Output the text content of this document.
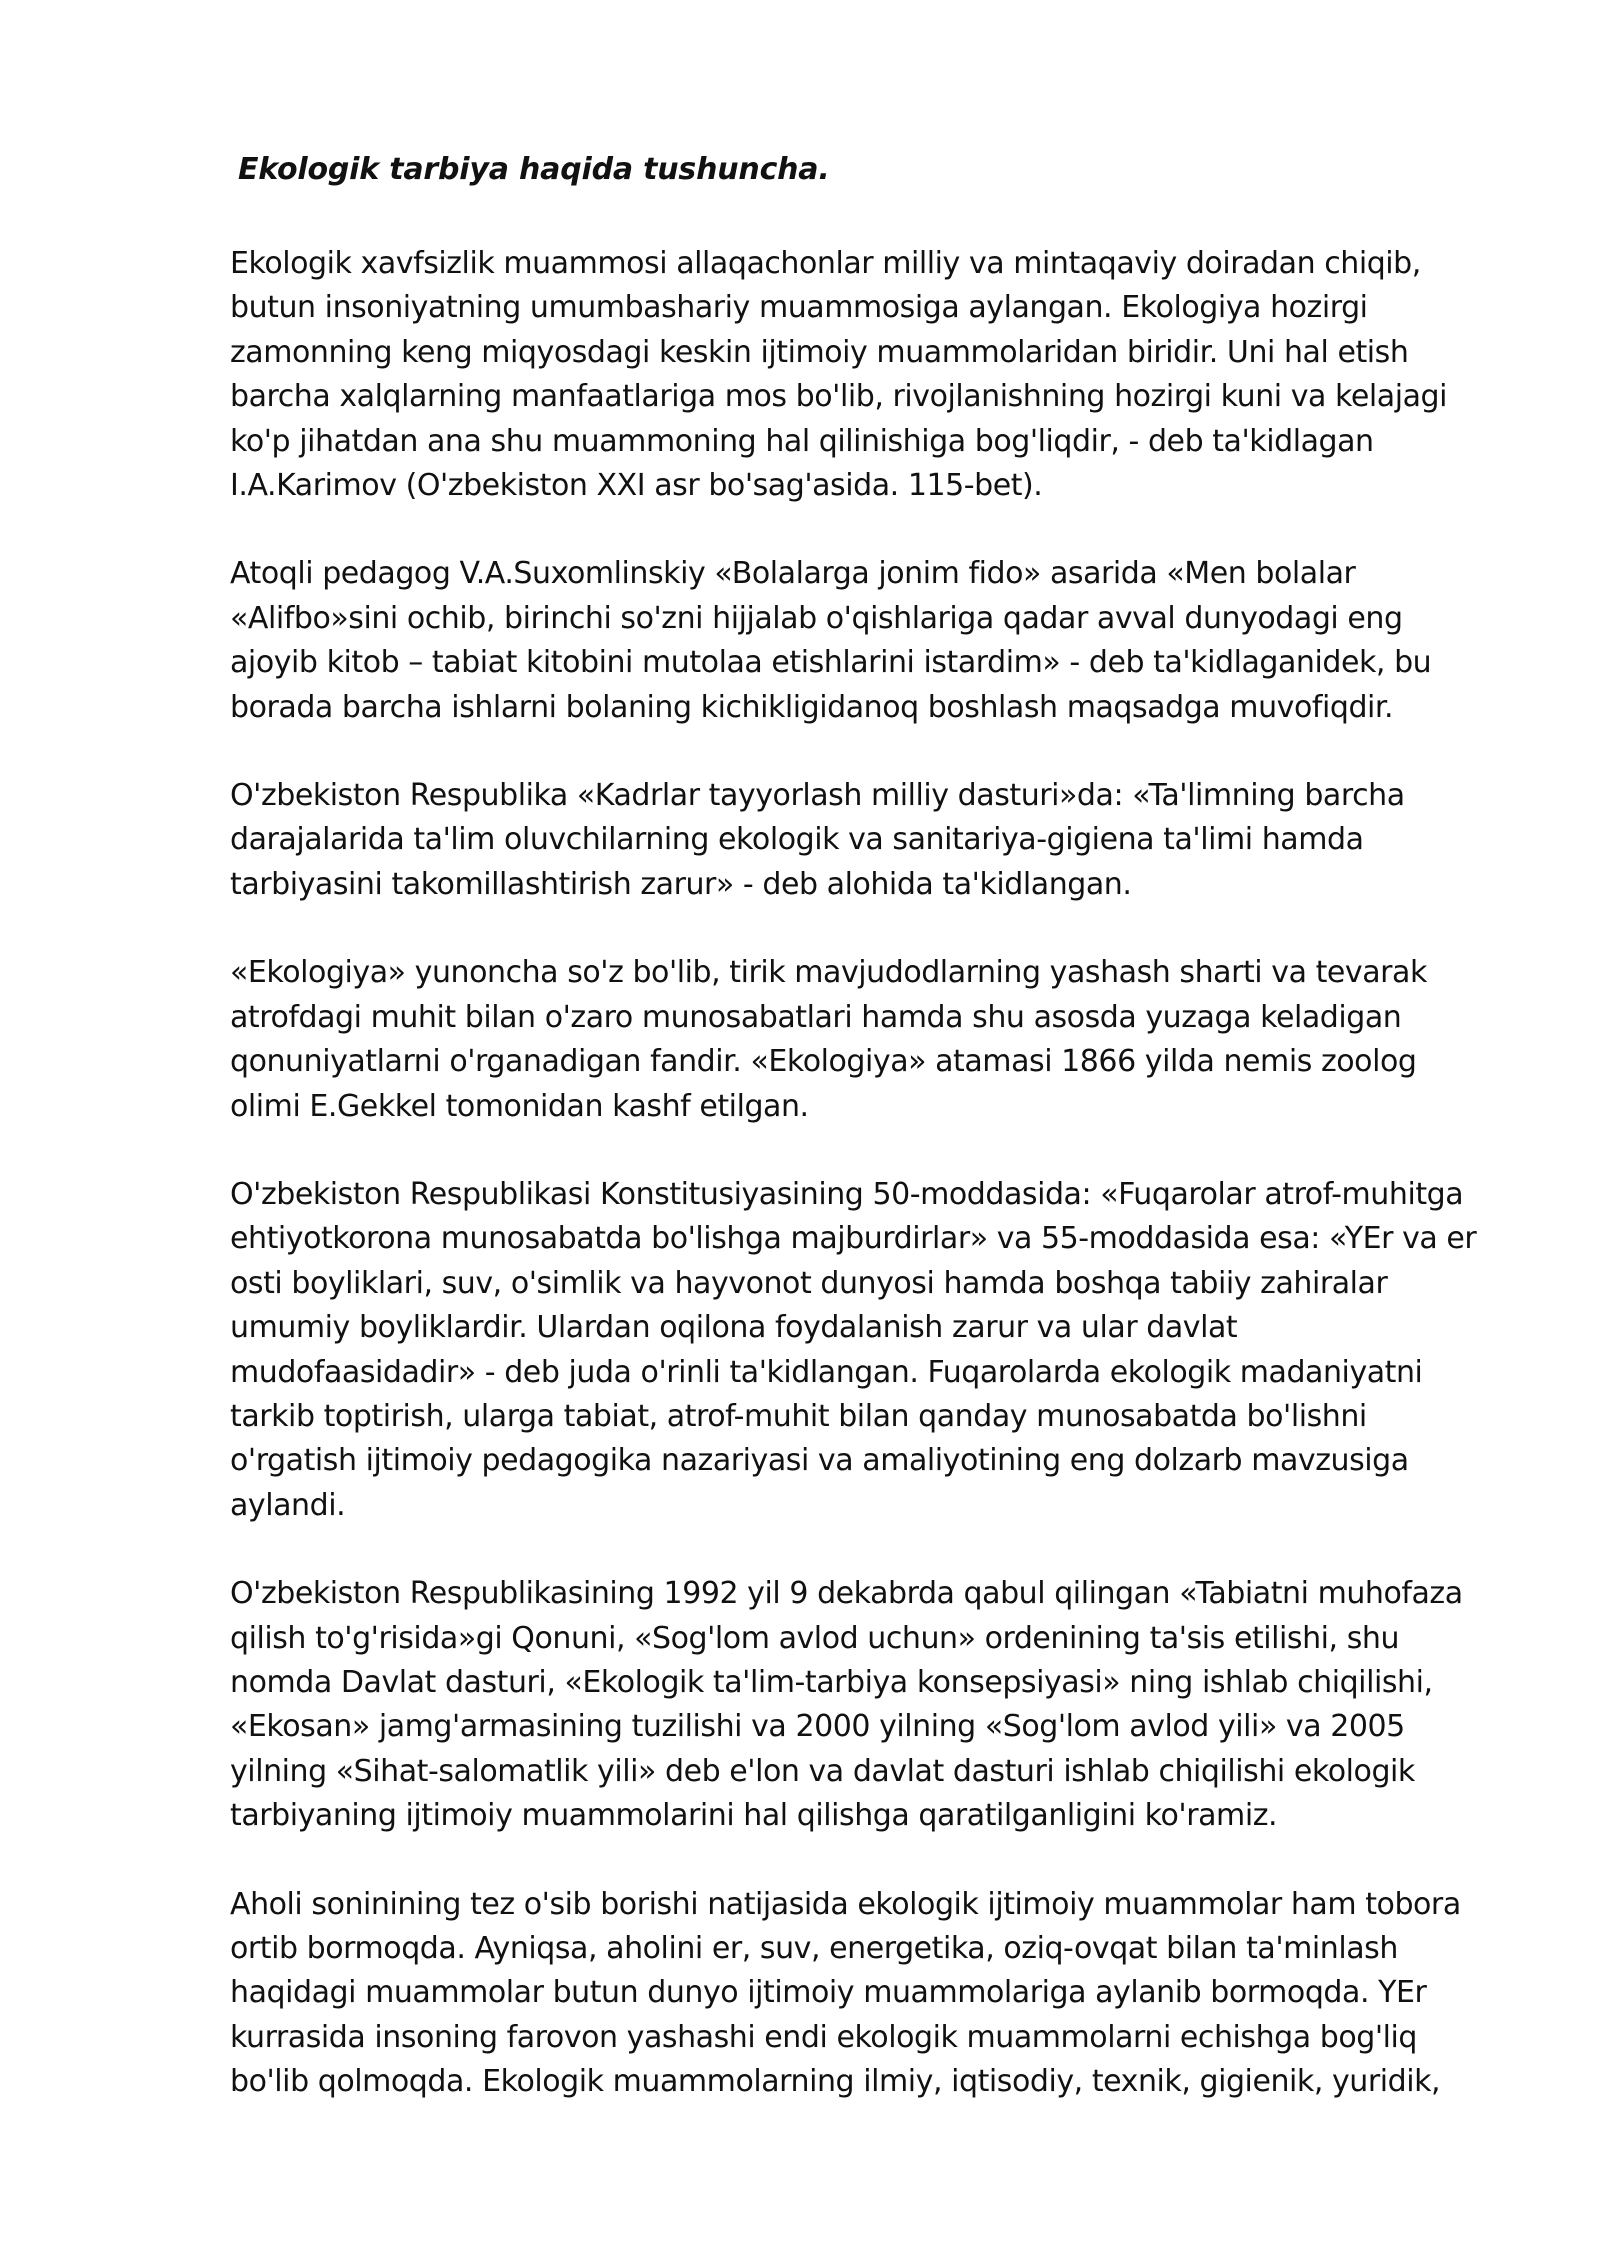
Ekologik tarbiya haqida tushuncha.

Ekologik xavfsizlik muammosi allaqachonlar milliy va mintaqaviy doiradan chiqib,
butun insoniyatning umumbashariy muammosiga aylangan. Ekologiya hozirgi
zamonning keng miqyosdagi keskin ijtimoiy muammolaridan biridir. Uni hal etish
barcha xalqlarning manfaatlariga mos bo'lib, rivojlanishning hozirgi kuni va kelajagi
ko'p jihatdan ana shu muammoning hal qilinishiga bog'liqdir, - deb ta'kidlagan
I.A.Karimov (O'zbekiston XXI asr bo'sag'asida. 115-bet).

Atoqli pedagog V.A.Suxomlinskiy «Bolalarga jonim fido» asarida «Men bolalar
«Alifbo»sini ochib, birinchi so'zni hijjalab o'qishlariga qadar avval dunyodagi eng
ajoyib kitob – tabiat kitobini mutolaa etishlarini istardim» - deb ta'kidlaganidek, bu
borada barcha ishlarni bolaning kichikligidanoq boshlash maqsadga muvofiqdir.

O'zbekiston Respublika «Kadrlar tayyorlash milliy dasturi»da: «Ta'limning barcha
darajalarida ta'lim oluvchilarning ekologik va sanitariya-gigiena ta'limi hamda
tarbiyasini takomillashtirish zarur» - deb alohida ta'kidlangan.

«Ekologiya» yunoncha so'z bo'lib, tirik mavjudodlarning yashash sharti va tevarak
atrofdagi muhit bilan o'zaro munosabatlari hamda shu asosda yuzaga keladigan
qonuniyatlarni o'rganadigan fandir. «Ekologiya» atamasi 1866 yilda nemis zoolog
olimi E.Gekkel tomonidan kashf etilgan.

O'zbekiston Respublikasi Konstitusiyasining 50-moddasida: «Fuqarolar atrof-muhitga
ehtiyotkorona munosabatda bo'lishga majburdirlar» va 55-moddasida esa: «YEr va er
osti boyliklari, suv, o'simlik va hayvonot dunyosi hamda boshqa tabiiy zahiralar
umumiy boyliklardir. Ulardan oqilona foydalanish zarur va ular davlat
mudofaasidadir» - deb juda o'rinli ta'kidlangan. Fuqarolarda ekologik madaniyatni
tarkib toptirish, ularga tabiat, atrof-muhit bilan qanday munosabatda bo'lishni
o'rgatish ijtimoiy pedagogika nazariyasi va amaliyotining eng dolzarb mavzusiga
aylandi.

O'zbekiston Respublikasining 1992 yil 9 dekabrda qabul qilingan «Tabiatni muhofaza
qilish to'g'risida»gi Qonuni, «Sog'lom avlod uchun» ordenining ta'sis etilishi, shu
nomda Davlat dasturi, «Ekologik ta'lim-tarbiya konsepsiyasi» ning ishlab chiqilishi,
«Ekosan» jamg'armasining tuzilishi va 2000 yilning «Sog'lom avlod yili» va 2005
yilning «Sihat-salomatlik yili» deb e'lon va davlat dasturi ishlab chiqilishi ekologik
tarbiyaning ijtimoiy muammolarini hal qilishga qaratilganligini ko'ramiz.

Aholi soninining tez o'sib borishi natijasida ekologik ijtimoiy muammolar ham tobora
ortib bormoqda. Ayniqsa, aholini er, suv, energetika, oziq-ovqat bilan ta'minlash
haqidagi muammolar butun dunyo ijtimoiy muammolariga aylanib bormoqda. YEr
kurrasida insoning farovon yashashi endi ekologik muammolarni echishga bog'liq
bo'lib qolmoqda. Ekologik muammolarning ilmiy, iqtisodiy, texnik, gigienik, yuridik,
